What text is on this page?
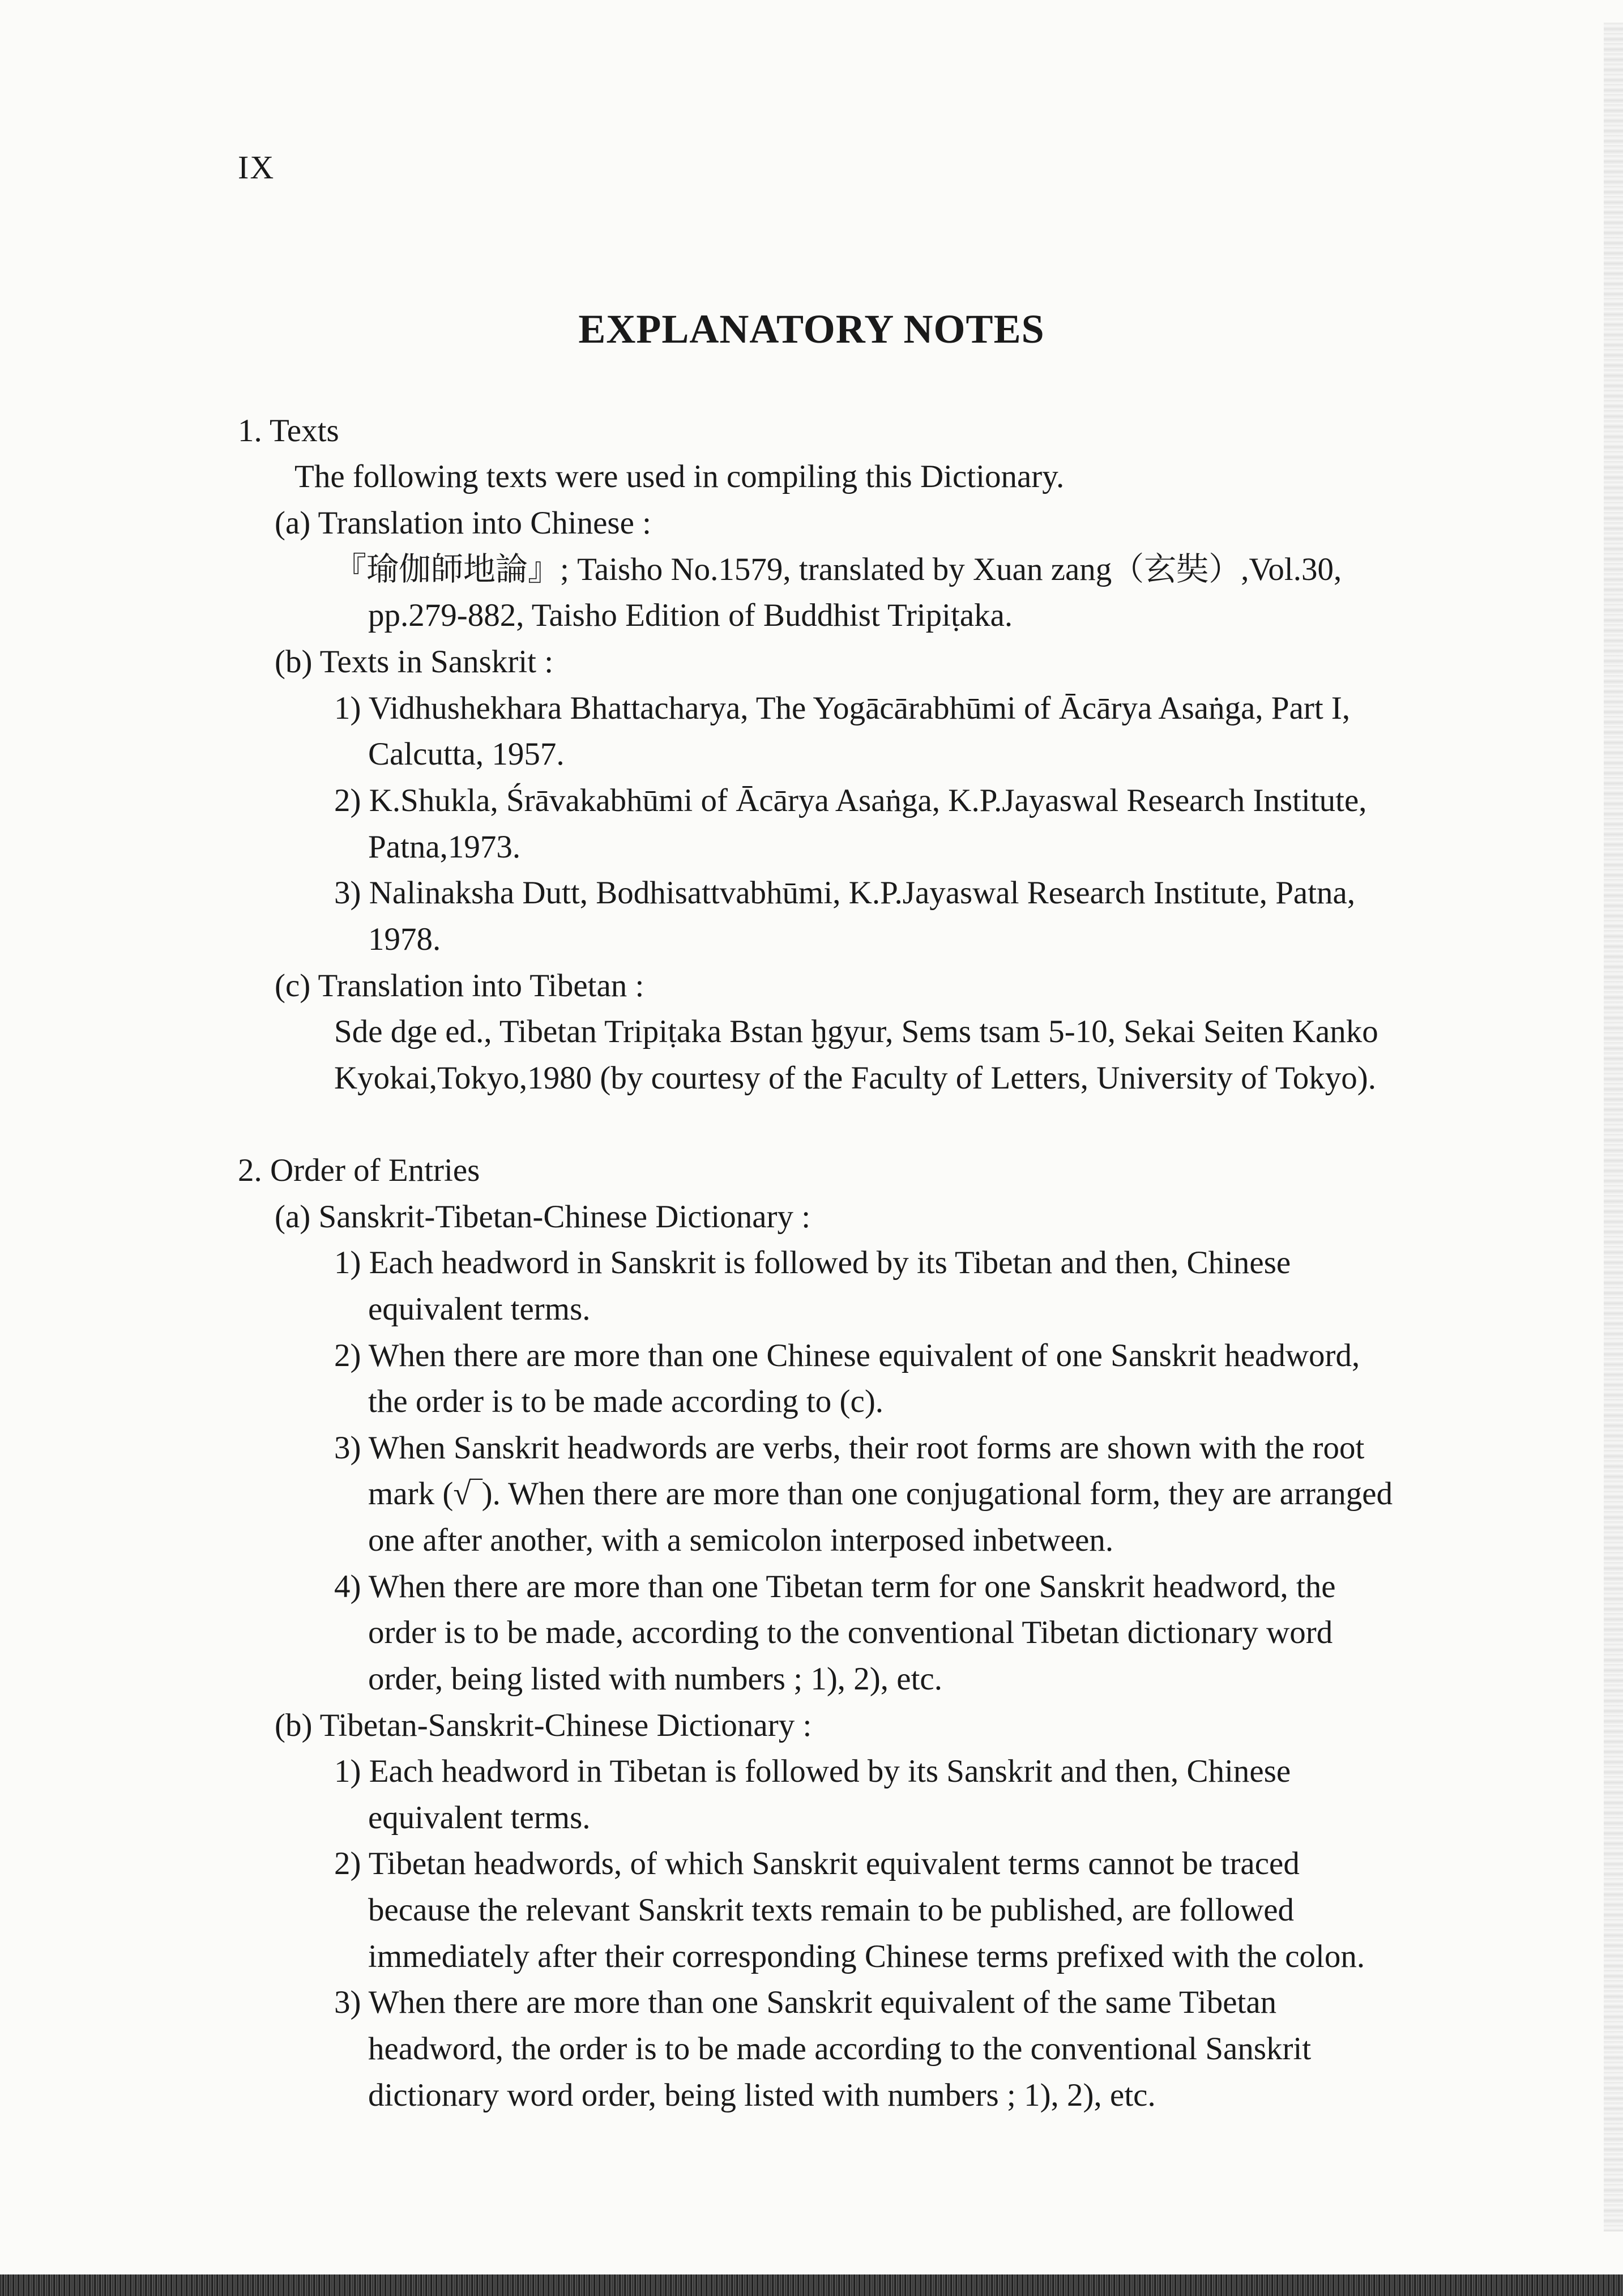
IX
EXPLANATORY NOTES
1. Texts
The following texts were used in compiling this Dictionary.
(a) Translation into Chinese :
『瑜伽師地論』; Taisho No.1579, translated by Xuan zang（玄奘）,Vol.30,
pp.279-882, Taisho Edition of Buddhist Tripiṭaka.
(b) Texts in Sanskrit :
1) Vidhushekhara Bhattacharya, The Yogācārabhūmi of Ācārya Asaṅga, Part I,
Calcutta, 1957.
2) K.Shukla, Śrāvakabhūmi of Ācārya Asaṅga, K.P.Jayaswal Research Institute,
Patna,1973.
3) Nalinaksha Dutt, Bodhisattvabhūmi, K.P.Jayaswal Research Institute, Patna,
1978.
(c) Translation into Tibetan :
Sde dge ed., Tibetan Tripiṭaka Bstan ḫgyur, Sems tsam 5-10, Sekai Seiten Kanko
Kyokai,Tokyo,1980 (by courtesy of the Faculty of Letters, University of Tokyo).
2. Order of Entries
(a) Sanskrit-Tibetan-Chinese Dictionary :
1) Each headword in Sanskrit is followed by its Tibetan and then, Chinese
equivalent terms.
2) When there are more than one Chinese equivalent of one Sanskrit headword,
the order is to be made according to (c).
3) When Sanskrit headwords are verbs, their root forms are shown with the root
mark (√‾). When there are more than one conjugational form, they are arranged
one after another, with a semicolon interposed inbetween.
4) When there are more than one Tibetan term for one Sanskrit headword, the
order is to be made, according to the conventional Tibetan dictionary word
order, being listed with numbers ; 1), 2), etc.
(b) Tibetan-Sanskrit-Chinese Dictionary :
1) Each headword in Tibetan is followed by its Sanskrit and then, Chinese
equivalent terms.
2) Tibetan headwords, of which Sanskrit equivalent terms cannot be traced
because the relevant Sanskrit texts remain to be published, are followed
immediately after their corresponding Chinese terms prefixed with the colon.
3) When there are more than one Sanskrit equivalent of the same Tibetan
headword, the order is to be made according to the conventional Sanskrit
dictionary word order, being listed with numbers ; 1), 2), etc.
